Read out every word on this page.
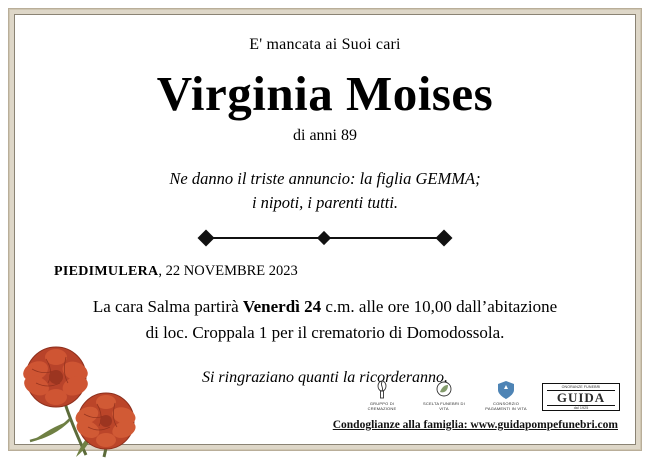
E' mancata ai Suoi cari
Virginia Moises
di anni 89
Ne danno il triste annuncio: la figlia GEMMA;
i nipoti, i parenti tutti.
PIEDIMULERA, 22 NOVEMBRE 2023
La cara Salma partirà Venerdì 24 c.m. alle ore 10,00 dall’abitazione
di loc. Croppala 1 per il crematorio di Domodossola.
Si ringraziano quanti la ricorderanno.
GRUPPO DI CREMAZIONE
SCELTA FUNEBRI DI VITA
CONSORZIO PAGAMENTI IN VITA
ONORANZE FUNEBRI
GUIDA
dal 1925
Condoglianze alla famiglia: www.guidapompefunebri.com
